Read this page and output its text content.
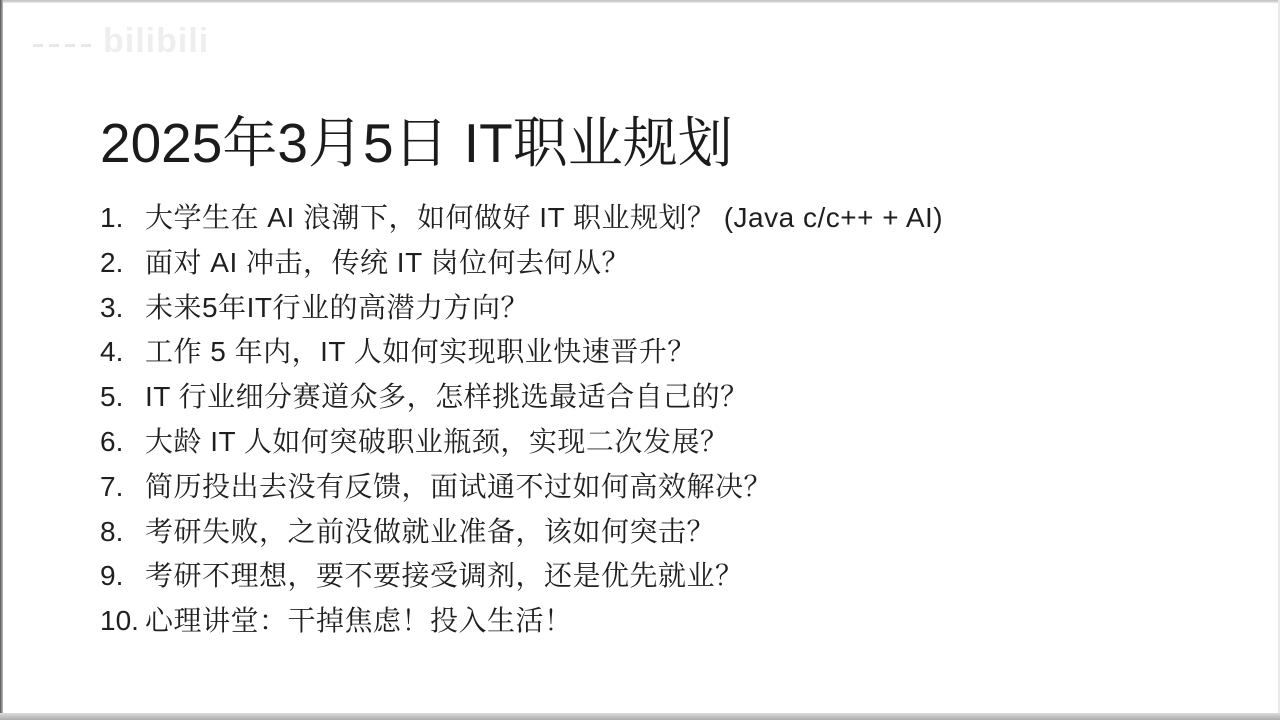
bilibili
2025年3月5日 IT职业规划
1. 大学生在 AI 浪潮下，如何做好 IT 职业规划？ (Java c/c++ + AI)
2. 面对 AI 冲击，传统 IT 岗位何去何从？
3. 未来5年IT行业的高潜力方向？
4. 工作 5 年内，IT 人如何实现职业快速晋升？
5. IT 行业细分赛道众多，怎样挑选最适合自己的？
6. 大龄 IT 人如何突破职业瓶颈，实现二次发展？
7. 简历投出去没有反馈，面试通不过如何高效解决？
8. 考研失败，之前没做就业准备，该如何突击？
9. 考研不理想，要不要接受调剂，还是优先就业？
10. 心理讲堂：干掉焦虑！投入生活！
